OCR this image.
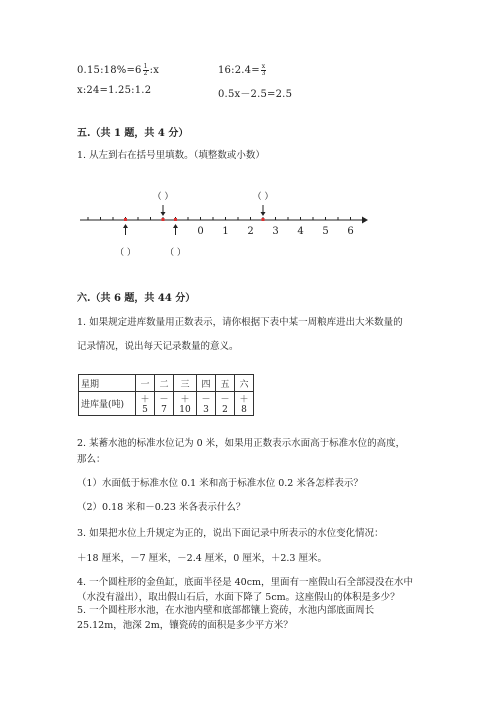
0.15:18%=6 $\frac{1}{2}$ :x	16:2.4= $\frac{x}{3}$
x:24=1.25:1.2	0.5x－2.5=2.5
五.（共 1 题，共 4 分）
1. 从左到右在括号里填数。（填整数或小数）
（ ）	（ ）
（ ）	（ ）
0 1 2 3 4 5 6
六.（共 6 题，共 44 分）
1. 如果规定进库数量用正数表示，请你根据下表中某一周粮库进出大米数量的
记录情况，说出每天记录数量的意义。
星期	一	二	三	四	五	六
进库量(吨)	＋5	－7	＋10	－3	－2	＋8
2. 某蓄水池的标准水位记为 0 米，如果用正数表示水面高于标准水位的高度，
那么：
（1）水面低于标准水位 0.1 米和高于标准水位 0.2 米各怎样表示？
（2）0.18 米和－0.23 米各表示什么？
3. 如果把水位上升规定为正的，说出下面记录中所表示的水位变化情况：
＋18 厘米，－7 厘米，－2.4 厘米，0 厘米，＋2.3 厘米。
4. 一个圆柱形的金鱼缸，底面半径是 40cm，里面有一座假山石全部浸没在水中
（水没有溢出），取出假山石后，水面下降了 5cm。这座假山的体积是多少？
5. 一个圆柱形水池，在水池内壁和底部都镶上瓷砖，水池内部底面周长
25.12m，池深 2m，镶瓷砖的面积是多少平方米？
